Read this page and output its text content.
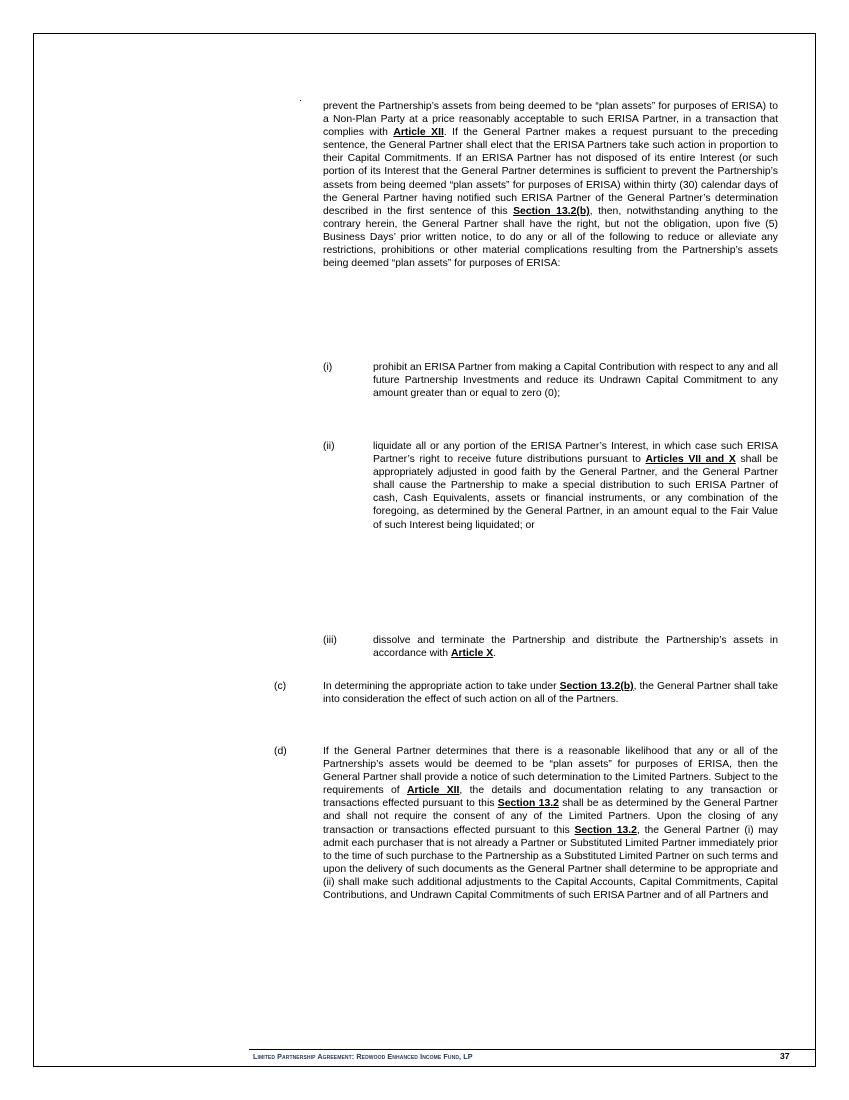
prevent the Partnership’s assets from being deemed to be “plan assets” for purposes of ERISA) to a Non-Plan Party at a price reasonably acceptable to such ERISA Partner, in a transaction that complies with Article XII. If the General Partner makes a request pursuant to the preceding sentence, the General Partner shall elect that the ERISA Partners take such action in proportion to their Capital Commitments. If an ERISA Partner has not disposed of its entire Interest (or such portion of its Interest that the General Partner determines is sufficient to prevent the Partnership’s assets from being deemed “plan assets” for purposes of ERISA) within thirty (30) calendar days of the General Partner having notified such ERISA Partner of the General Partner’s determination described in the first sentence of this Section 13.2(b), then, notwithstanding anything to the contrary herein, the General Partner shall have the right, but not the obligation, upon five (5) Business Days’ prior written notice, to do any or all of the following to reduce or alleviate any restrictions, prohibitions or other material complications resulting from the Partnership’s assets being deemed “plan assets” for purposes of ERISA:

(i)	prohibit an ERISA Partner from making a Capital Contribution with respect to any and all future Partnership Investments and reduce its Undrawn Capital Commitment to any amount greater than or equal to zero (0);

(ii)	liquidate all or any portion of the ERISA Partner’s Interest, in which case such ERISA Partner’s right to receive future distributions pursuant to Articles VII and X shall be appropriately adjusted in good faith by the General Partner, and the General Partner shall cause the Partnership to make a special distribution to such ERISA Partner of cash, Cash Equivalents, assets or financial instruments, or any combination of the foregoing, as determined by the General Partner, in an amount equal to the Fair Value of such Interest being liquidated; or

(iii)	dissolve and terminate the Partnership and distribute the Partnership’s assets in accordance with Article X.

(c)	In determining the appropriate action to take under Section 13.2(b), the General Partner shall take into consideration the effect of such action on all of the Partners.

(d)	If the General Partner determines that there is a reasonable likelihood that any or all of the Partnership’s assets would be deemed to be “plan assets” for purposes of ERISA, then the General Partner shall provide a notice of such determination to the Limited Partners. Subject to the requirements of Article XII, the details and documentation relating to any transaction or transactions effected pursuant to this Section 13.2 shall be as determined by the General Partner and shall not require the consent of any of the Limited Partners. Upon the closing of any transaction or transactions effected pursuant to this Section 13.2, the General Partner (i) may admit each purchaser that is not already a Partner or Substituted Limited Partner immediately prior to the time of such purchase to the Partnership as a Substituted Limited Partner on such terms and upon the delivery of such documents as the General Partner shall determine to be appropriate and (ii) shall make such additional adjustments to the Capital Accounts, Capital Commitments, Capital Contributions, and Undrawn Capital Commitments of such ERISA Partner and of all Partners and

Limited Partnership Agreement: Redwood Enhanced Income Fund, LP	37
